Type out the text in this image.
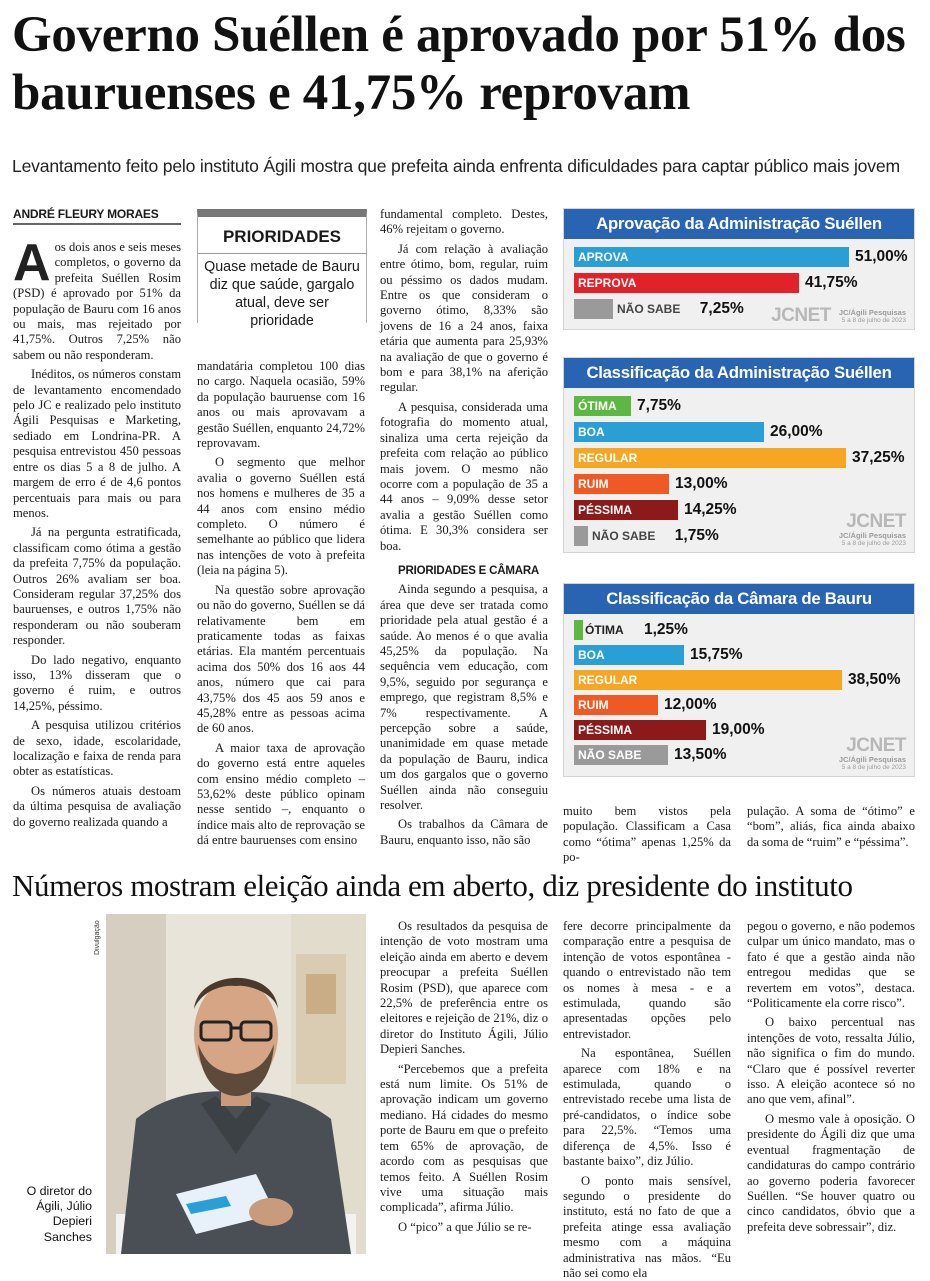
Governo Suéllen é aprovado por 51% dos bauruenses e 41,75% reprovam
Levantamento feito pelo instituto Ágili mostra que prefeita ainda enfrenta dificuldades para captar público mais jovem
ANDRÉ FLEURY MORAES

Aos dois anos e seis meses completos, o governo da prefeita Suéllen Rosim (PSD) é aprovado por 51% da população de Bauru com 16 anos ou mais, mas rejeitado por 41,75%. Outros 7,25% não sabem ou não responderam.

Inéditos, os números constam de levantamento encomendado pelo JC e realizado pelo instituto Ágili Pesquisas e Marketing, sediado em Londrina-PR. A pesquisa entrevistou 450 pessoas entre os dias 5 a 8 de julho. A margem de erro é de 4,6 pontos percentuais para mais ou para menos.

Já na pergunta estratificada, classificam como ótima a gestão da prefeita 7,75% da população. Outros 26% avaliam ser boa. Consideram regular 37,25% dos bauruenses, e outros 1,75% não responderam ou não souberam responder.

Do lado negativo, enquanto isso, 13% disseram que o governo é ruim, e outros 14,25%, péssimo.

A pesquisa utilizou critérios de sexo, idade, escolaridade, localização e faixa de renda para obter as estatísticas.

Os números atuais destoam da última pesquisa de avaliação do governo realizada quando a

PRIORIDADES
Quase metade de Bauru diz que saúde, gargalo atual, deve ser prioridade

mandatária completou 100 dias no cargo. Naquela ocasião, 59% da população bauruense com 16 anos ou mais aprovavam a gestão Suéllen, enquanto 24,72% reprovavam.

O segmento que melhor avalia o governo Suéllen está nos homens e mulheres de 35 a 44 anos com ensino médio completo. O número é semelhante ao público que lidera nas intenções de voto à prefeita (leia na página 5).

Na questão sobre aprovação ou não do governo, Suéllen se dá relativamente bem em praticamente todas as faixas etárias. Ela mantém percentuais acima dos 50% dos 16 aos 44 anos, número que cai para 43,75% dos 45 aos 59 anos e 45,28% entre as pessoas acima de 60 anos.

A maior taxa de aprovação do governo está entre aqueles com ensino médio completo –53,62% deste público opinam nesse sentido –, enquanto o índice mais alto de reprovação se dá entre bauruenses com ensino

fundamental completo. Destes, 46% rejeitam o governo.

Já com relação à avaliação entre ótimo, bom, regular, ruim ou péssimo os dados mudam. Entre os que consideram o governo ótimo, 8,33% são jovens de 16 a 24 anos, faixa etária que aumenta para 25,93% na avaliação de que o governo é bom e para 38,1% na aferição regular.

A pesquisa, considerada uma fotografia do momento atual, sinaliza uma certa rejeição da prefeita com relação ao público mais jovem. O mesmo não ocorre com a população de 35 a 44 anos – 9,09% desse setor avalia a gestão Suéllen como ótima. E 30,3% considera ser boa.

PRIORIDADES E CÂMARA

Ainda segundo a pesquisa, a área que deve ser tratada como prioridade pela atual gestão é a saúde. Ao menos é o que avalia 45,25% da população. Na sequência vem educação, com 9,5%, seguido por segurança e emprego, que registram 8,5% e 7% respectivamente. A percepção sobre a saúde, unanimidade em quase metade da população de Bauru, indica um dos gargalos que o governo Suéllen ainda não conseguiu resolver.

Os trabalhos da Câmara de Bauru, enquanto isso, não são

Aprovação da Administração Suéllen
APROVA	51,00%
REPROVA	41,75%
NÃO SABE 7,25% JCNET JC/Ágili Pesquisas
5 a 8 de julho de 2023
Classificação da Administração Suéllen
ÓTIMA 7,75%
BOA	26,00%
REGULAR	37,25%
RUIM	13,00%
PÉSSIMA	14,25%
NÃO SABE 1,75%
JCNET
JC/Ágili Pesquisas
5 a 8 de julho de 2023
Classificação da Câmara de Bauru
ÓTIMA 1,25%
BOA	15,75%
REGULAR	38,50%
RUIM	12,00%
PÉSSIMA	19,00%
NÃO SABE 13,50%	JCNET
JC/Ágili Pesquisas
5 a 8 de julho de 2023

muito bem vistos pela população. Classificam a Casa como “ótima” apenas 1,25% da po-

pulação. A soma de “ótimo” e “bom”, aliás, fica ainda abaixo da soma de “ruim” e “péssima”.

Números mostram eleição ainda em aberto, diz presidente do instituto
Divulgação
O diretor do Ágili, Júlio Depieri Sanches

Os resultados da pesquisa de intenção de voto mostram uma eleição ainda em aberto e devem preocupar a prefeita Suéllen Rosim (PSD), que aparece com 22,5% de preferência entre os eleitores e rejeição de 21%, diz o diretor do Instituto Ágili, Júlio Depieri Sanches.

“Percebemos que a prefeita está num limite. Os 51% de aprovação indicam um governo mediano. Há cidades do mesmo porte de Bauru em que o prefeito tem 65% de aprovação, de acordo com as pesquisas que temos feito. A Suéllen Rosim vive uma situação mais complicada”, afirma Júlio.

O “pico” a que Júlio se re-

fere decorre principalmente da comparação entre a pesquisa de intenção de votos espontânea - quando o entrevistado não tem os nomes à mesa - e a estimulada, quando são apresentadas opções pelo entrevistador.

Na espontânea, Suéllen aparece com 18% e na estimulada, quando o entrevistado recebe uma lista de pré-candidatos, o índice sobe para 22,5%. “Temos uma diferença de 4,5%. Isso é bastante baixo”, diz Júlio.

O ponto mais sensível, segundo o presidente do instituto, está no fato de que a prefeita atinge essa avaliação mesmo com a máquina administrativa nas mãos. “Eu não sei como ela

pegou o governo, e não podemos culpar um único mandato, mas o fato é que a gestão ainda não entregou medidas que se revertem em votos”, destaca. “Politicamente ela corre risco”.

O baixo percentual nas intenções de voto, ressalta Júlio, não significa o fim do mundo. “Claro que é possível reverter isso. A eleição acontece só no ano que vem, afinal”.

O mesmo vale à oposição. O presidente do Ágili diz que uma eventual fragmentação de candidaturas do campo contrário ao governo poderia favorecer Suéllen. “Se houver quatro ou cinco candidatos, óbvio que a prefeita deve sobressair”, diz.
